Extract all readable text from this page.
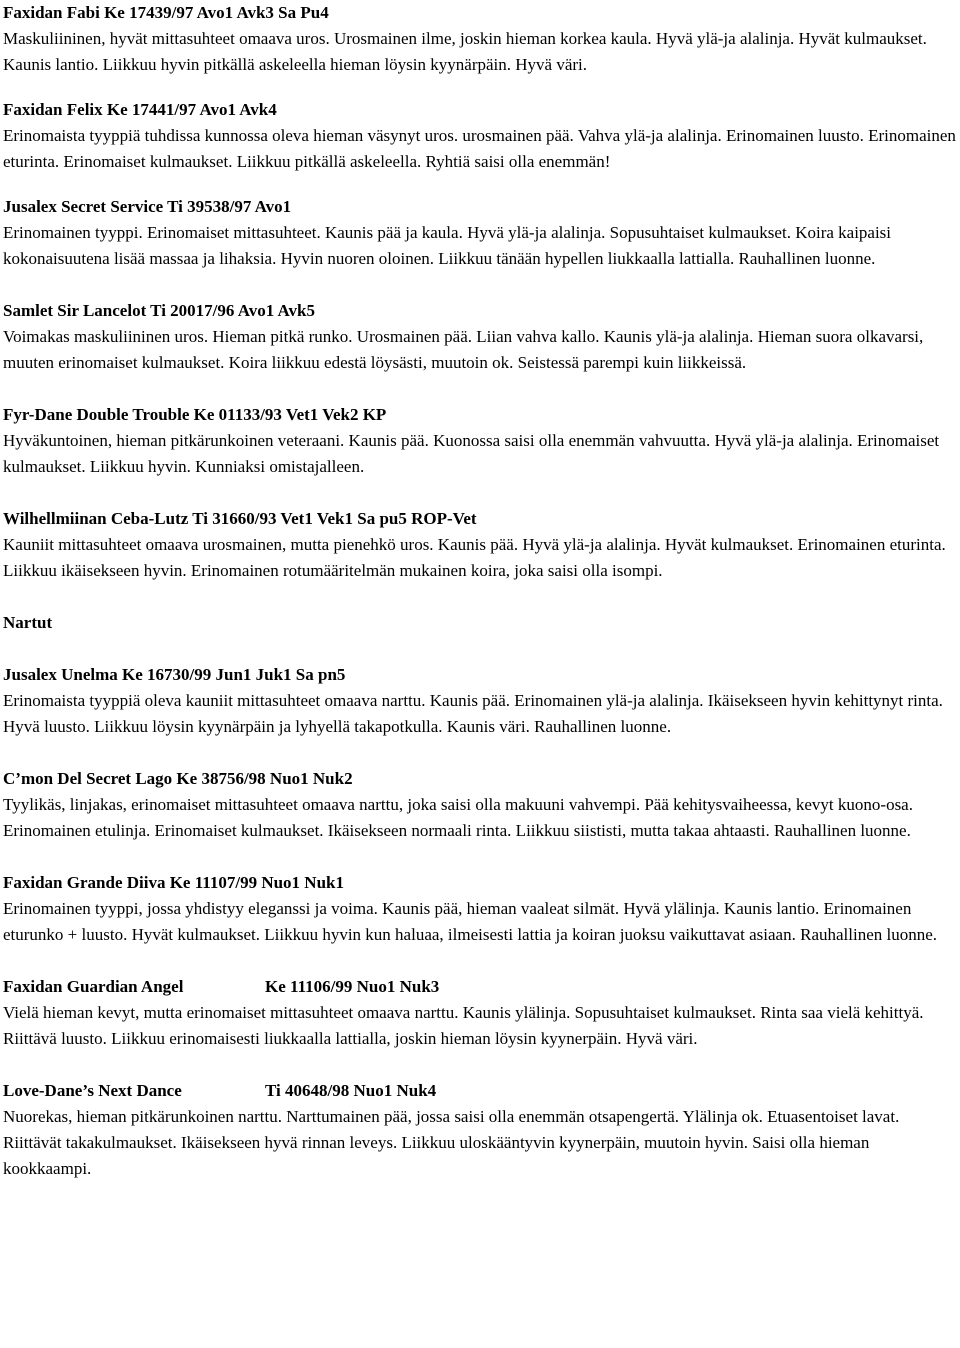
Faxidan Fabi Ke 17439/97 Avo1 Avk3 Sa Pu4

Maskuliininen, hyvät mittasuhteet omaava uros. Urosmainen ilme, joskin hieman korkea kaula. Hyvä ylä-ja alalinja. Hyvät kulmaukset. Kaunis lantio. Liikkuu hyvin pitkällä askeleella hieman löysin kyynärpäin. Hyvä väri.

Faxidan Felix Ke 17441/97 Avo1 Avk4

Erinomaista tyyppiä tuhdissa kunnossa oleva hieman väsynyt uros. urosmainen pää. Vahva ylä-ja alalinja. Erinomainen luusto. Erinomainen eturinta. Erinomaiset kulmaukset. Liikkuu pitkällä askeleella. Ryhtiä saisi olla enemmän!

Jusalex Secret Service Ti 39538/97 Avo1

Erinomainen tyyppi. Erinomaiset mittasuhteet. Kaunis pää ja kaula. Hyvä ylä-ja alalinja. Sopusuhtaiset kulmaukset. Koira kaipaisi kokonaisuutena lisää massaa ja lihaksia. Hyvin nuoren oloinen. Liikkuu tänään hypellen liukkaalla lattialla. Rauhallinen luonne.

Samlet Sir Lancelot Ti 20017/96 Avo1 Avk5

Voimakas maskuliininen uros. Hieman pitkä runko. Urosmainen pää. Liian vahva kallo. Kaunis ylä-ja alalinja. Hieman suora olkavarsi, muuten erinomaiset kulmaukset. Koira liikkuu edestä löysästi, muutoin ok. Seistessä parempi kuin liikkeissä.

Fyr-Dane Double Trouble Ke 01133/93 Vet1 Vek2 KP

Hyväkuntoinen, hieman pitkärunkoinen veteraani. Kaunis pää. Kuonossa saisi olla enemmän vahvuutta. Hyvä ylä-ja alalinja. Erinomaiset kulmaukset. Liikkuu hyvin. Kunniaksi omistajalleen.

Wilhellmiinan Ceba-Lutz Ti 31660/93 Vet1 Vek1 Sa pu5 ROP-Vet

Kauniit mittasuhteet omaava urosmainen, mutta pienehkö uros. Kaunis pää. Hyvä ylä-ja alalinja. Hyvät kulmaukset. Erinomainen eturinta. Liikkuu ikäisekseen hyvin. Erinomainen rotumääritelmän mukainen koira, joka saisi olla isompi.

Nartut

Jusalex Unelma Ke 16730/99 Jun1 Juk1 Sa pn5

Erinomaista tyyppiä oleva kauniit mittasuhteet omaava narttu. Kaunis pää. Erinomainen ylä-ja alalinja. Ikäisekseen hyvin kehittynyt rinta. Hyvä luusto. Liikkuu löysin kyynärpäin ja lyhyellä takapotkulla. Kaunis väri. Rauhallinen luonne.

C’mon Del Secret Lago Ke 38756/98 Nuo1 Nuk2

Tyylikäs, linjakas, erinomaiset mittasuhteet omaava narttu, joka saisi olla makuuni vahvempi. Pää kehitysvaiheessa, kevyt kuono-osa. Erinomainen etulinja. Erinomaiset kulmaukset. Ikäisekseen normaali rinta. Liikkuu siististi, mutta takaa ahtaasti. Rauhallinen luonne.

Faxidan Grande Diiva Ke 11107/99 Nuo1 Nuk1

Erinomainen tyyppi, jossa yhdistyy eleganssi ja voima. Kaunis pää, hieman vaaleat silmät. Hyvä ylälinja. Kaunis lantio. Erinomainen eturunko + luusto. Hyvät kulmaukset. Liikkuu hyvin kun haluaa, ilmeisesti lattia ja koiran juoksu vaikuttavat asiaan. Rauhallinen luonne.

Faxidan Guardian Angel	Ke 11106/99 Nuo1 Nuk3

Vielä hieman kevyt, mutta erinomaiset mittasuhteet omaava narttu. Kaunis ylälinja. Sopusuhtaiset kulmaukset. Rinta saa vielä kehittyä. Riittävä luusto. Liikkuu erinomaisesti liukkaalla lattialla, joskin hieman löysin kyynerpäin. Hyvä väri.

Love-Dane’s Next Dance	Ti 40648/98 Nuo1 Nuk4

Nuorekas, hieman pitkärunkoinen narttu. Narttumainen pää, jossa saisi olla enemmän otsapengertä. Ylälinja ok. Etuasentoiset lavat. Riittävät takakulmaukset. Ikäisekseen hyvä rinnan leveys. Liikkuu uloskääntyvin kyynerpäin, muutoin hyvin. Saisi olla hieman kookkaampi.
